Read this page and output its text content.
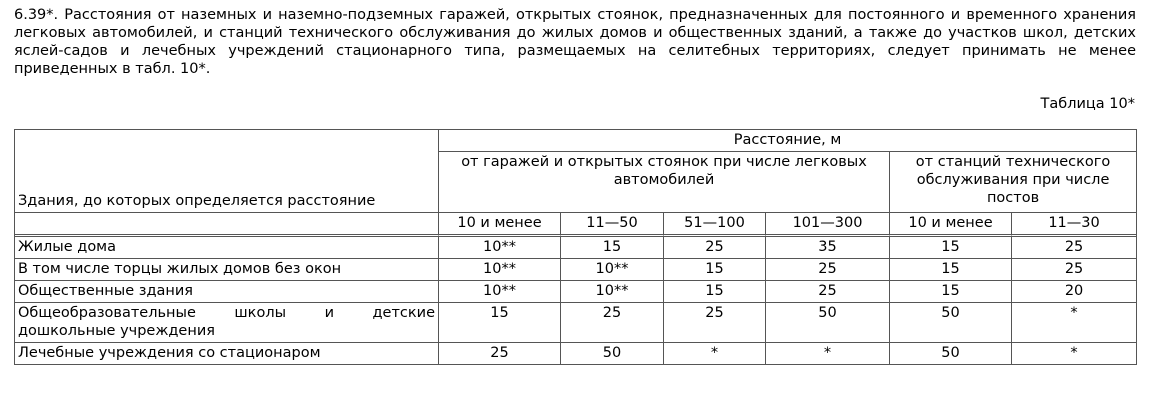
6.39*. Расстояния от наземных и наземно-подземных гаражей, открытых стоянок, предназначенных для постоянного и временного хранения легковых автомобилей, и станций технического обслуживания до жилых домов и общественных зданий, а также до участков школ, детских яслей-садов и лечебных учреждений стационарного типа, размещаемых на селитебных территориях, следует принимать не менее приведенных в табл. 10*.

Таблица 10*

Здания, до которых определяется расстояние	Расстояние, м					
	от гаражей и открытых стоянок при числе легковых автомобилей				от станций технического обслуживания при числе постов	
	10 и менее	11—50	51—100	101—300	10 и менее	11—30
Жилые дома	10**	15	25	35	15	25
В том числе торцы жилых домов без окон	10**	10**	15	25	15	25
Общественные здания	10**	10**	15	25	15	20
Общеобразовательные школы и детские дошкольные учреждения	15	25	25	50	50	*
Лечебные учреждения со стационаром	25	50	*	*	50	*
